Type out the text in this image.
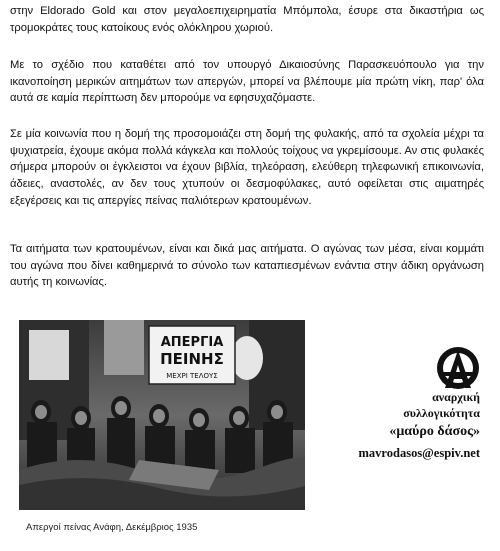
στην Eldorado Gold και στον μεγαλοεπιχειρηματία Μπόμπολα, έσυρε στα δικαστήρια ως τρομοκράτες τους κατοίκους ενός ολόκληρου χωριού.

Με το σχέδιο που καταθέτει από τον υπουργό Δικαιοσύνης Παρασκευόπουλο για την ικανοποίηση μερικών αιτημάτων των απεργών, μπορεί να βλέπουμε μία πρώτη νίκη, παρ' όλα αυτά σε καμία περίπτωση δεν μπορούμε να εφησυχαζόμαστε.

Σε μία κοινωνία που η δομή της προσομοιάζει στη δομή της φυλακής, από τα σχολεία μέχρι τα ψυχιατρεία, έχουμε ακόμα πολλά κάγκελα και πολλούς τοίχους να γκρεμίσουμε. Αν στις φυλακές σήμερα μπορούν οι έγκλειστοι να έχουν βιβλία, τηλεόραση, ελεύθερη τηλεφωνική επικοινωνία, άδειες, αναστολές, αν δεν τους χτυπούν οι δεσμοφύλακες, αυτό οφείλεται στις αιματηρές εξεγέρσεις και τις απεργίες πείνας παλιότερων κρατουμένων.

Τα αιτήματα των κρατουμένων, είναι και δικά μας αιτήματα. Ο αγώνας των μέσα, είναι κομμάτι του αγώνα που δίνει καθημερινά το σύνολο των καταπιεσμένων ενάντια στην άδικη οργάνωση αυτής τη κοινωνίας.

ΑΠΕΡΓΙΑ
ΠΕΙΝΗΣ
ΜΕΧΡΙ ΤΕΛΟΥΣ
Απεργοί πείνας Ανάφη, Δεκέμβριος 1935
αναρχική
συλλογικότητα
«μαύρο δάσος»
mavrodasos@espiv.net
